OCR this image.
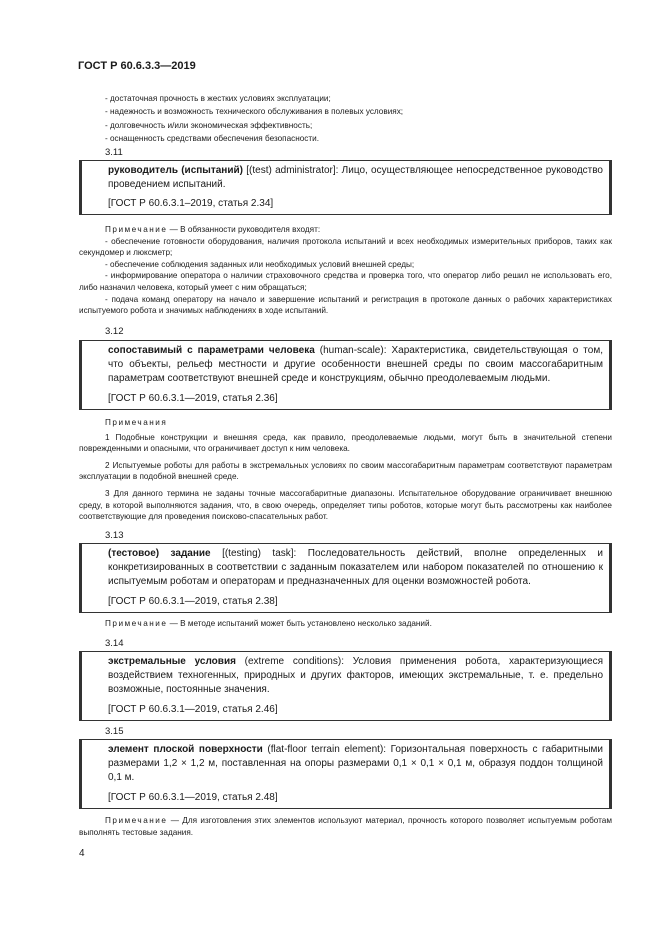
ГОСТ Р 60.6.3.3—2019
- достаточная прочность в жестких условиях эксплуатации;
- надежность и возможность технического обслуживания в полевых условиях;
- долговечность и/или экономическая эффективность;
- оснащенность средствами обеспечения безопасности.
3.11

руководитель (испытаний) [(test) administrator]: Лицо, осуществляющее непосредственное руководство проведением испытаний.

[ГОСТ Р 60.6.3.1–2019, статья 2.34]

Примечание — В обязанности руководителя входят:

- обеспечение готовности оборудования, наличия протокола испытаний и всех необходимых измерительных приборов, таких как секундомер и люксметр;

- обеспечение соблюдения заданных или необходимых условий внешней среды;

- информирование оператора о наличии страховочного средства и проверка того, что оператор либо решил не использовать его, либо назначил человека, который умеет с ним обращаться;

- подача команд оператору на начало и завершение испытаний и регистрация в протоколе данных о рабочих характеристиках испытуемого робота и значимых наблюдениях в ходе испытаний.

3.12

сопоставимый с параметрами человека (human-scale): Характеристика, свидетельствующая о том, что объекты, рельеф местности и другие особенности внешней среды по своим массогабаритным параметрам соответствуют внешней среде и конструкциям, обычно преодолеваемым людьми.

[ГОСТ Р 60.6.3.1—2019, статья 2.36]

Примечания

1 Подобные конструкции и внешняя среда, как правило, преодолеваемые людьми, могут быть в значительной степени поврежденными и опасными, что ограничивает доступ к ним человека.

2 Испытуемые роботы для работы в экстремальных условиях по своим массогабаритным параметрам соответствуют параметрам эксплуатации в подобной внешней среде.

3 Для данного термина не заданы точные массогабаритные диапазоны. Испытательное оборудование ограничивает внешнюю среду, в которой выполняются задания, что, в свою очередь, определяет типы роботов, которые могут быть рассмотрены как наиболее соответствующие для проведения поисково-спасательных работ.

3.13

(тестовое) задание [(testing) task]: Последовательность действий, вполне определенных и конкретизированных в соответствии с заданным показателем или набором показателей по отношению к испытуемым роботам и операторам и предназначенных для оценки возможностей робота.

[ГОСТ Р 60.6.3.1—2019, статья 2.38]

Примечание — В методе испытаний может быть установлено несколько заданий.

3.14

экстремальные условия (extreme conditions): Условия применения робота, характеризующиеся воздействием техногенных, природных и других факторов, имеющих экстремальные, т. е. предельно возможные, постоянные значения.

[ГОСТ Р 60.6.3.1—2019, статья 2.46]
3.15

элемент плоской поверхности (flat-floor terrain element): Горизонтальная поверхность с габаритными размерами 1,2 × 1,2 м, поставленная на опоры размерами 0,1 × 0,1 × 0,1 м, образуя поддон толщиной 0,1 м.

[ГОСТ Р 60.6.3.1—2019, статья 2.48]

Примечание — Для изготовления этих элементов используют материал, прочность которого позволяет испытуемым роботам выполнять тестовые задания.

4
